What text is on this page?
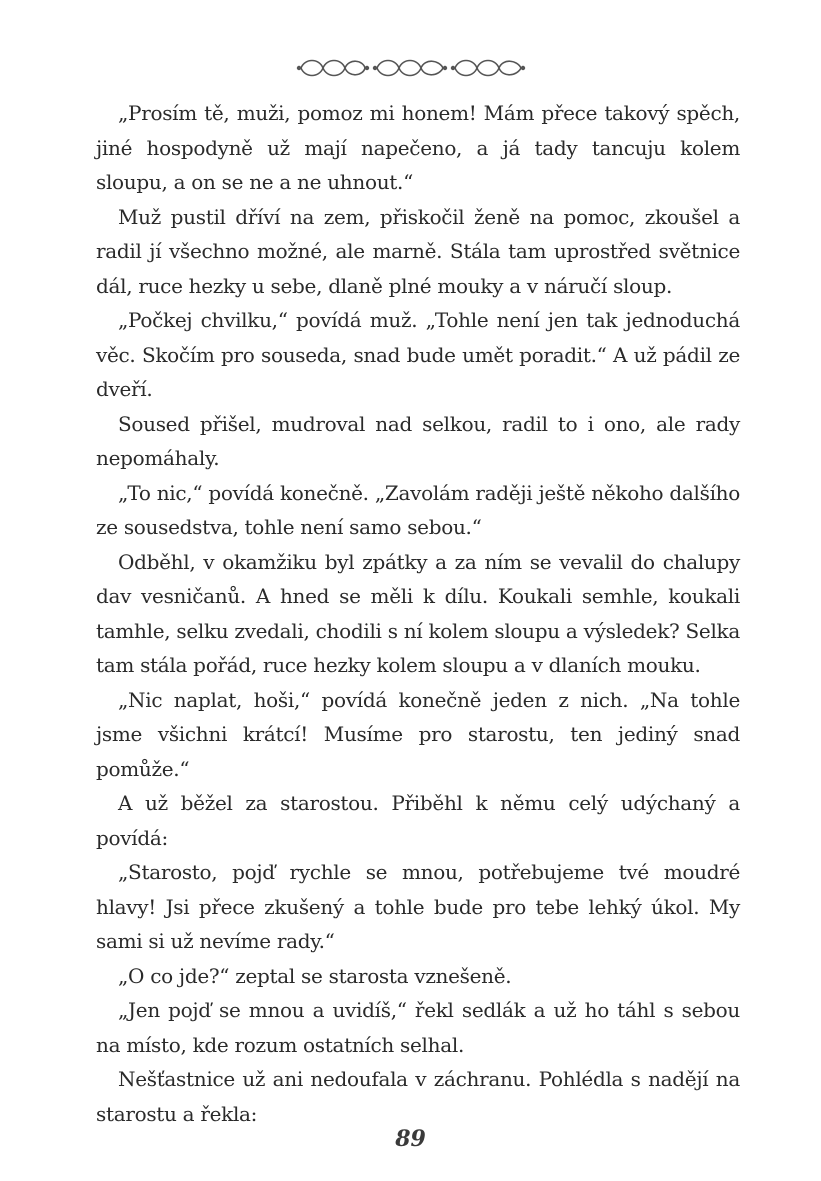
„Prosím tě, muži, pomoz mi honem! Mám přece takový spěch, jiné hospodyně už mají napečeno, a já tady tancuju kolem sloupu, a on se ne a ne uhnout.“

Muž pustil dříví na zem, přiskočil ženě na pomoc, zkoušel a radil jí všechno možné, ale marně. Stála tam uprostřed světnice dál, ruce hezky u sebe, dlaně plné mouky a v náručí sloup.

„Počkej chvilku,“ povídá muž. „Tohle není jen tak jednoduchá věc. Skočím pro souseda, snad bude umět poradit.“ A už pádil ze dveří.

Soused přišel, mudroval nad selkou, radil to i ono, ale rady nepomáhaly.

„To nic,“ povídá konečně. „Zavolám raději ještě někoho dalšího ze sousedstva, tohle není samo sebou.“

Odběhl, v okamžiku byl zpátky a za ním se vevalil do chalupy dav vesničanů. A hned se měli k dílu. Koukali semhle, koukali tamhle, selku zvedali, chodili s ní kolem sloupu a výsledek? Selka tam stála pořád, ruce hezky kolem sloupu a v dlaních mouku.

„Nic naplat, hoši,“ povídá konečně jeden z nich. „Na tohle jsme všichni krátcí! Musíme pro starostu, ten jediný snad pomůže.“

A už běžel za starostou. Přiběhl k němu celý udýchaný a povídá:

„Starosto, pojď rychle se mnou, potřebujeme tvé moudré hlavy! Jsi přece zkušený a tohle bude pro tebe lehký úkol. My sami si už nevíme rady.“

„O co jde?“ zeptal se starosta vznešeně.

„Jen pojď se mnou a uvidíš,“ řekl sedlák a už ho táhl s sebou na místo, kde rozum ostatních selhal.

Nešťastnice už ani nedoufala v záchranu. Pohlédla s nadějí na starostu a řekla:

89
